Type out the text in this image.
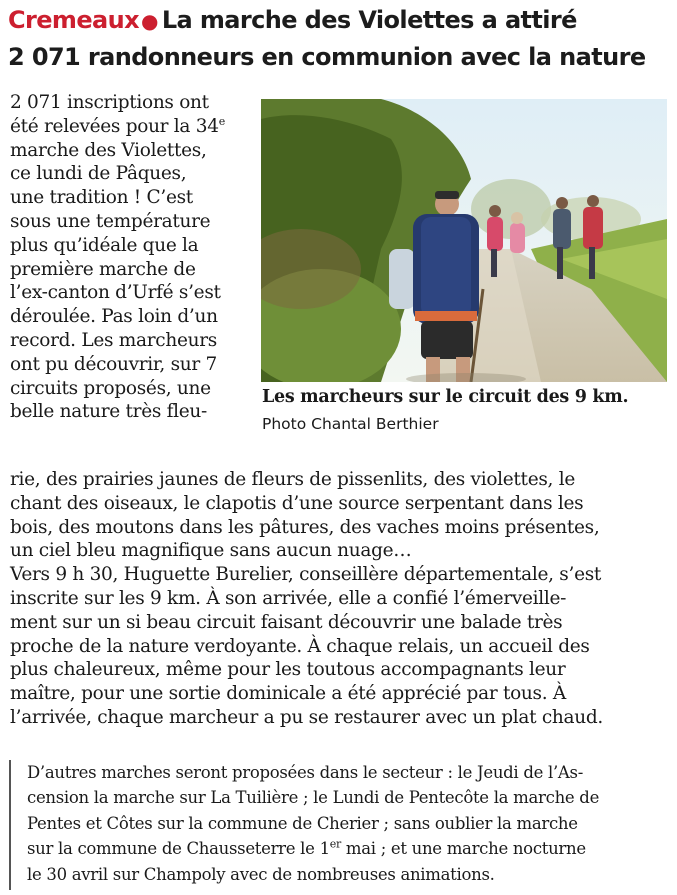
Cremeaux ● La marche des Violettes a attiré
2 071 randonneurs en communion avec la nature
2 071 inscriptions ont
été relevées pour la 34e
marche des Violettes,
ce lundi de Pâques,
une tradition ! C’est
sous une température
plus qu’idéale que la
première marche de
l’ex-canton d’Urfé s’est
déroulée. Pas loin d’un
record. Les marcheurs
ont pu découvrir, sur 7
circuits proposés, une
belle nature très fleu-
Les marcheurs sur le circuit des 9 km.
Photo Chantal Berthier
rie, des prairies jaunes de fleurs de pissenlits, des violettes, le
chant des oiseaux, le clapotis d’une source serpentant dans les
bois, des moutons dans les pâtures, des vaches moins présentes,
un ciel bleu magnifique sans aucun nuage…
Vers 9 h 30, Huguette Burelier, conseillère départementale, s’est
inscrite sur les 9 km. À son arrivée, elle a confié l’émerveille-
ment sur un si beau circuit faisant découvrir une balade très
proche de la nature verdoyante. À chaque relais, un accueil des
plus chaleureux, même pour les toutous accompagnants leur
maître, pour une sortie dominicale a été apprécié par tous. À
l’arrivée, chaque marcheur a pu se restaurer avec un plat chaud.
D’autres marches seront proposées dans le secteur : le Jeudi de l’As-
cension la marche sur La Tuilière ; le Lundi de Pentecôte la marche de
Pentes et Côtes sur la commune de Cherier ; sans oublier la marche
sur la commune de Chausseterre le 1er mai ; et une marche nocturne
le 30 avril sur Champoly avec de nombreuses animations.
